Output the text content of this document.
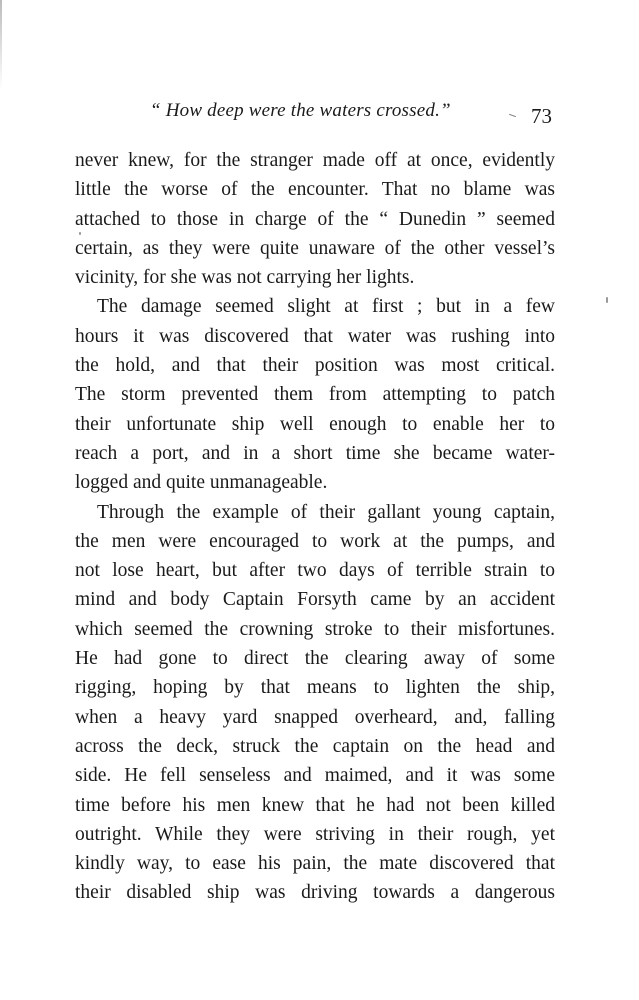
“ How deep were the waters crossed.”	73
never knew, for the stranger made off at once, evidently
little the worse of the encounter. That no blame was
attached to those in charge of the “ Dunedin ” seemed
certain, as they were quite unaware of the other vessel’s
vicinity, for she was not carrying her lights.
The damage seemed slight at first ; but in a few
hours it was discovered that water was rushing into
the hold, and that their position was most critical.
The storm prevented them from attempting to patch
their unfortunate ship well enough to enable her to
reach a port, and in a short time she became water-
logged and quite unmanageable.
Through the example of their gallant young captain,
the men were encouraged to work at the pumps, and
not lose heart, but after two days of terrible strain to
mind and body Captain Forsyth came by an accident
which seemed the crowning stroke to their misfortunes.
He had gone to direct the clearing away of some
rigging, hoping by that means to lighten the ship,
when a heavy yard snapped overheard, and, falling
across the deck, struck the captain on the head and
side. He fell senseless and maimed, and it was some
time before his men knew that he had not been killed
outright. While they were striving in their rough, yet
kindly way, to ease his pain, the mate discovered that
their disabled ship was driving towards a dangerous
